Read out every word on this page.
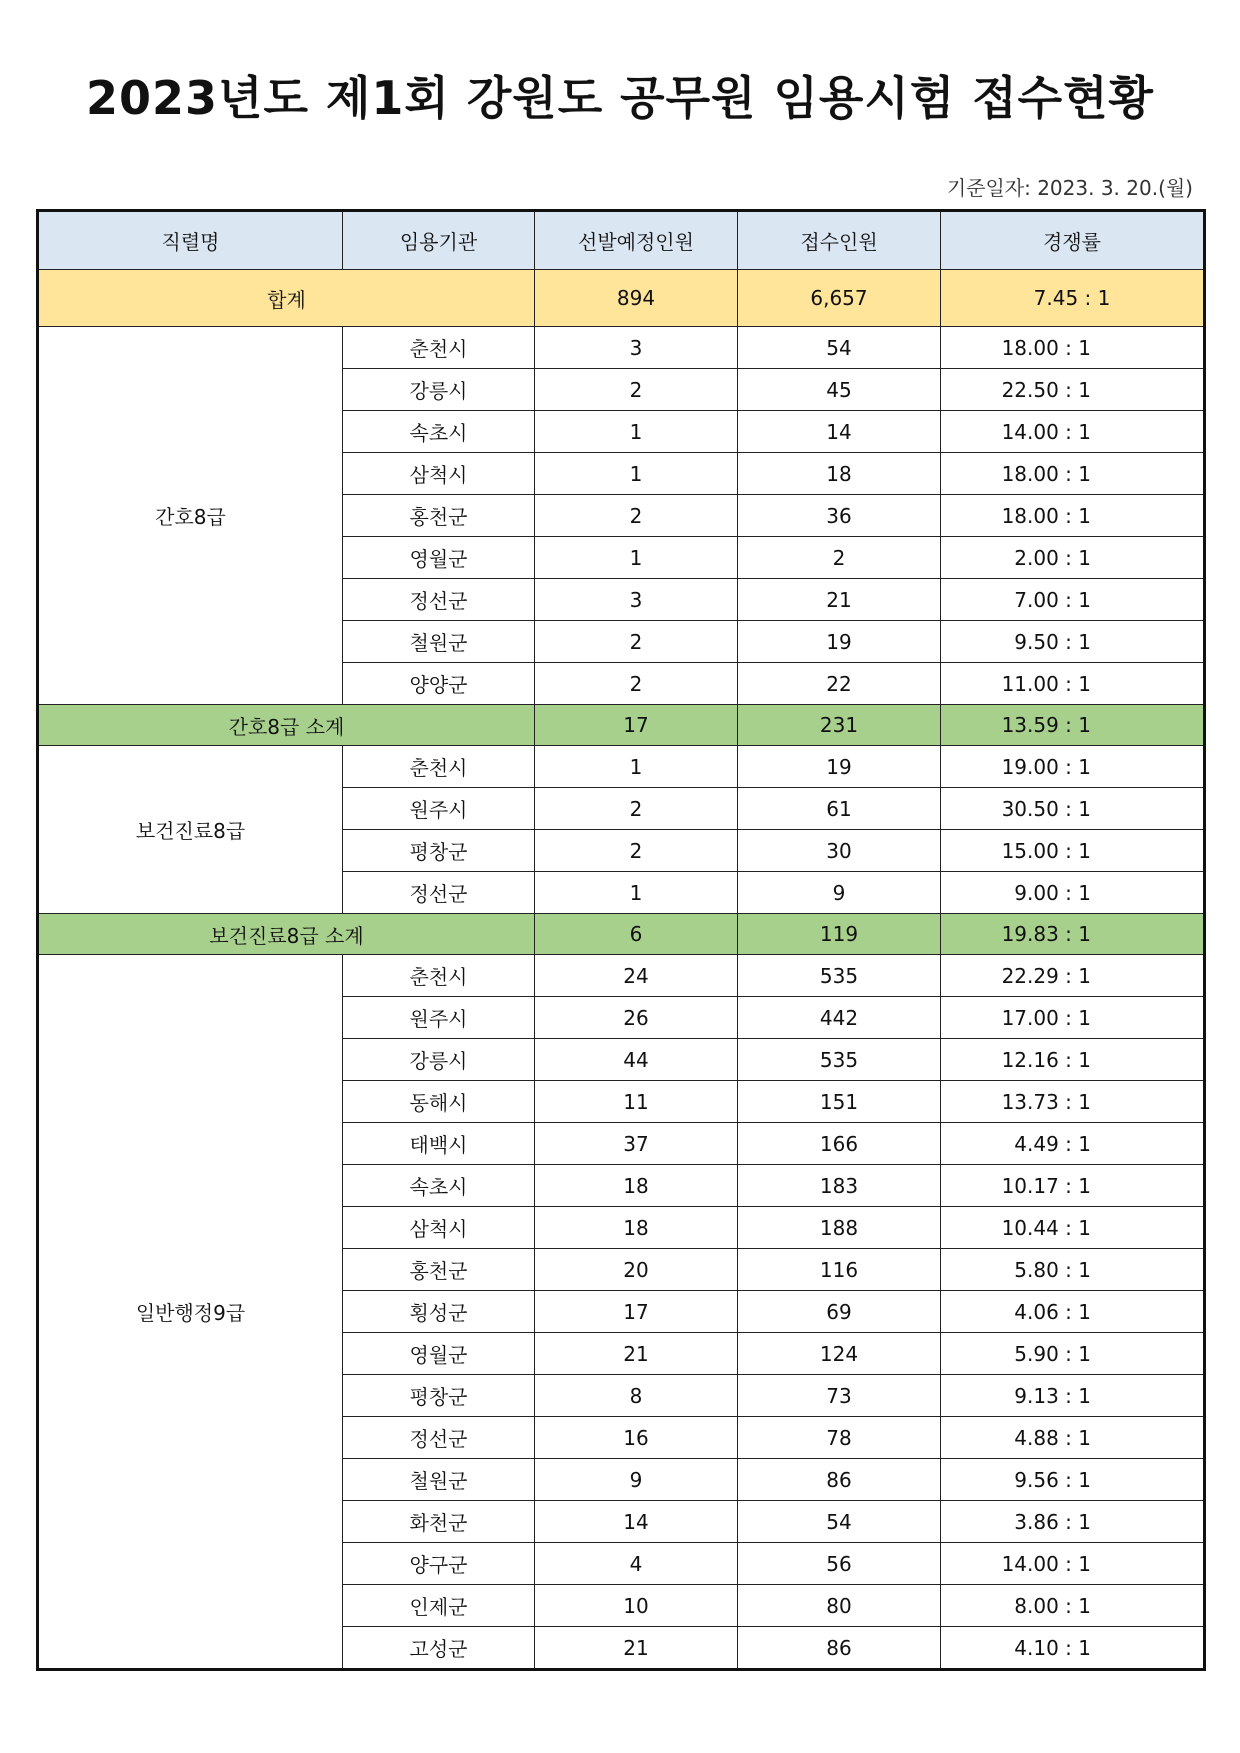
2023년도 제1회 강원도 공무원 임용시험 접수현황
기준일자: 2023. 3. 20.(월)
직렬명	임용기관	선발예정인원	접수인원	경쟁률
합계		894	6,657	7.45 : 1
간호8급	춘천시	3	54	18.00 : 1
	강릉시	2	45	22.50 : 1
	속초시	1	14	14.00 : 1
	삼척시	1	18	18.00 : 1
	홍천군	2	36	18.00 : 1
	영월군	1	2	2.00 : 1
	정선군	3	21	7.00 : 1
	철원군	2	19	9.50 : 1
	양양군	2	22	11.00 : 1
간호8급 소계		17	231	13.59 : 1
보건진료8급	춘천시	1	19	19.00 : 1
	원주시	2	61	30.50 : 1
	평창군	2	30	15.00 : 1
	정선군	1	9	9.00 : 1
보건진료8급 소계		6	119	19.83 : 1
일반행정9급	춘천시	24	535	22.29 : 1
	원주시	26	442	17.00 : 1
	강릉시	44	535	12.16 : 1
	동해시	11	151	13.73 : 1
	태백시	37	166	4.49 : 1
	속초시	18	183	10.17 : 1
	삼척시	18	188	10.44 : 1
	홍천군	20	116	5.80 : 1
	횡성군	17	69	4.06 : 1
	영월군	21	124	5.90 : 1
	평창군	8	73	9.13 : 1
	정선군	16	78	4.88 : 1
	철원군	9	86	9.56 : 1
	화천군	14	54	3.86 : 1
	양구군	4	56	14.00 : 1
	인제군	10	80	8.00 : 1
	고성군	21	86	4.10 : 1
